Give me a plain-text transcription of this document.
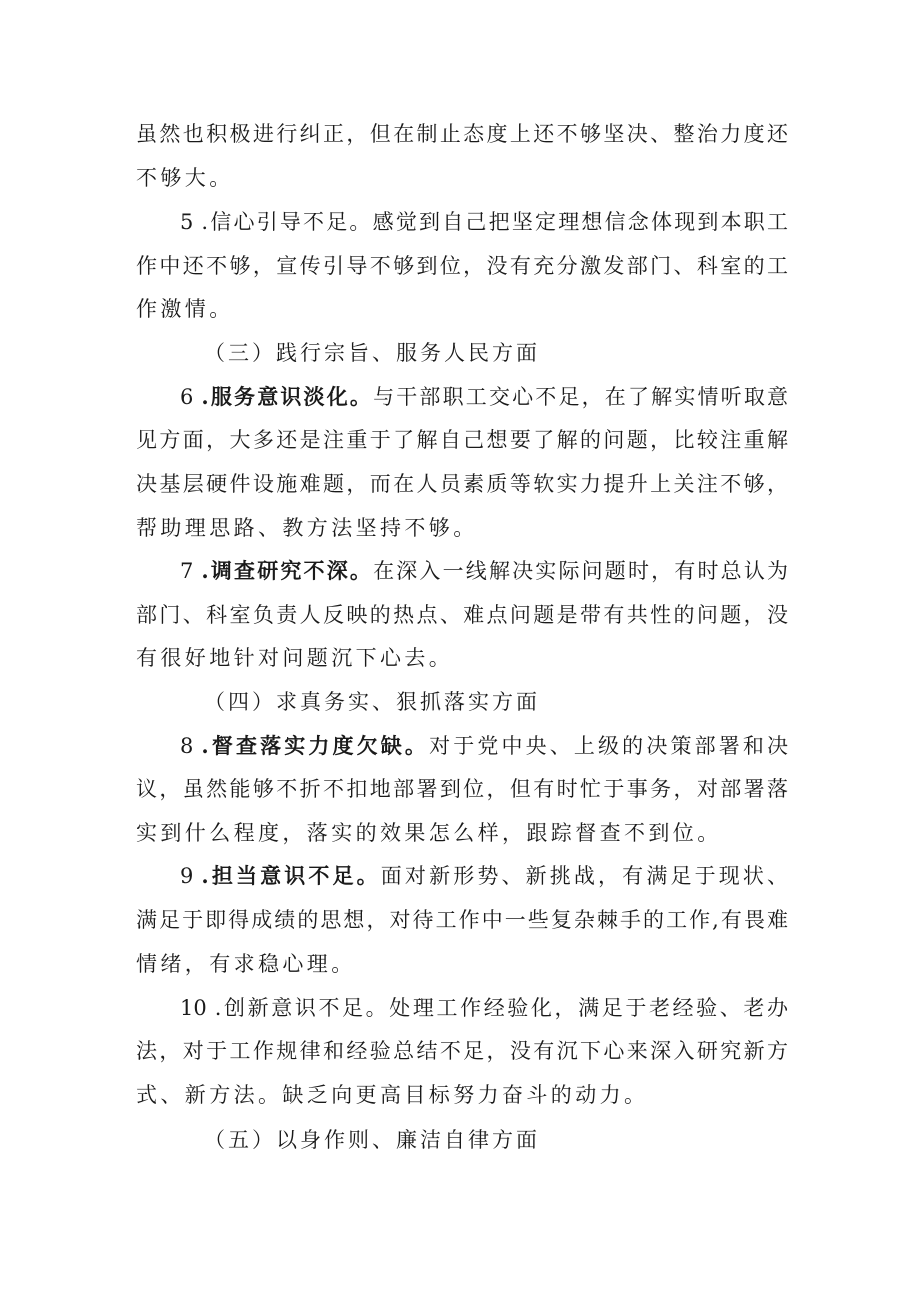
虽然也积极进行纠正，但在制止态度上还不够坚决、整治力度还
不够大。
5 .信心引导不足。感觉到自己把坚定理想信念体现到本职工
作中还不够，宣传引导不够到位，没有充分激发部门、科室的工
作激情。
（三）践行宗旨、服务人民方面
6 .服务意识淡化。与干部职工交心不足，在了解实情听取意
见方面，大多还是注重于了解自己想要了解的问题，比较注重解
决基层硬件设施难题，而在人员素质等软实力提升上关注不够，
帮助理思路、教方法坚持不够。
7 .调查研究不深。在深入一线解决实际问题时，有时总认为
部门、科室负责人反映的热点、难点问题是带有共性的问题，没
有很好地针对问题沉下心去。
（四）求真务实、狠抓落实方面
8 .督查落实力度欠缺。对于党中央、上级的决策部署和决
议，虽然能够不折不扣地部署到位，但有时忙于事务，对部署落
实到什么程度，落实的效果怎么样，跟踪督查不到位。
9 .担当意识不足。面对新形势、新挑战，有满足于现状、
满足于即得成绩的思想，对待工作中一些复杂棘手的工作,有畏难
情绪，有求稳心理。
10 .创新意识不足。处理工作经验化，满足于老经验、老办
法，对于工作规律和经验总结不足，没有沉下心来深入研究新方
式、新方法。缺乏向更高目标努力奋斗的动力。
（五）以身作则、廉洁自律方面
